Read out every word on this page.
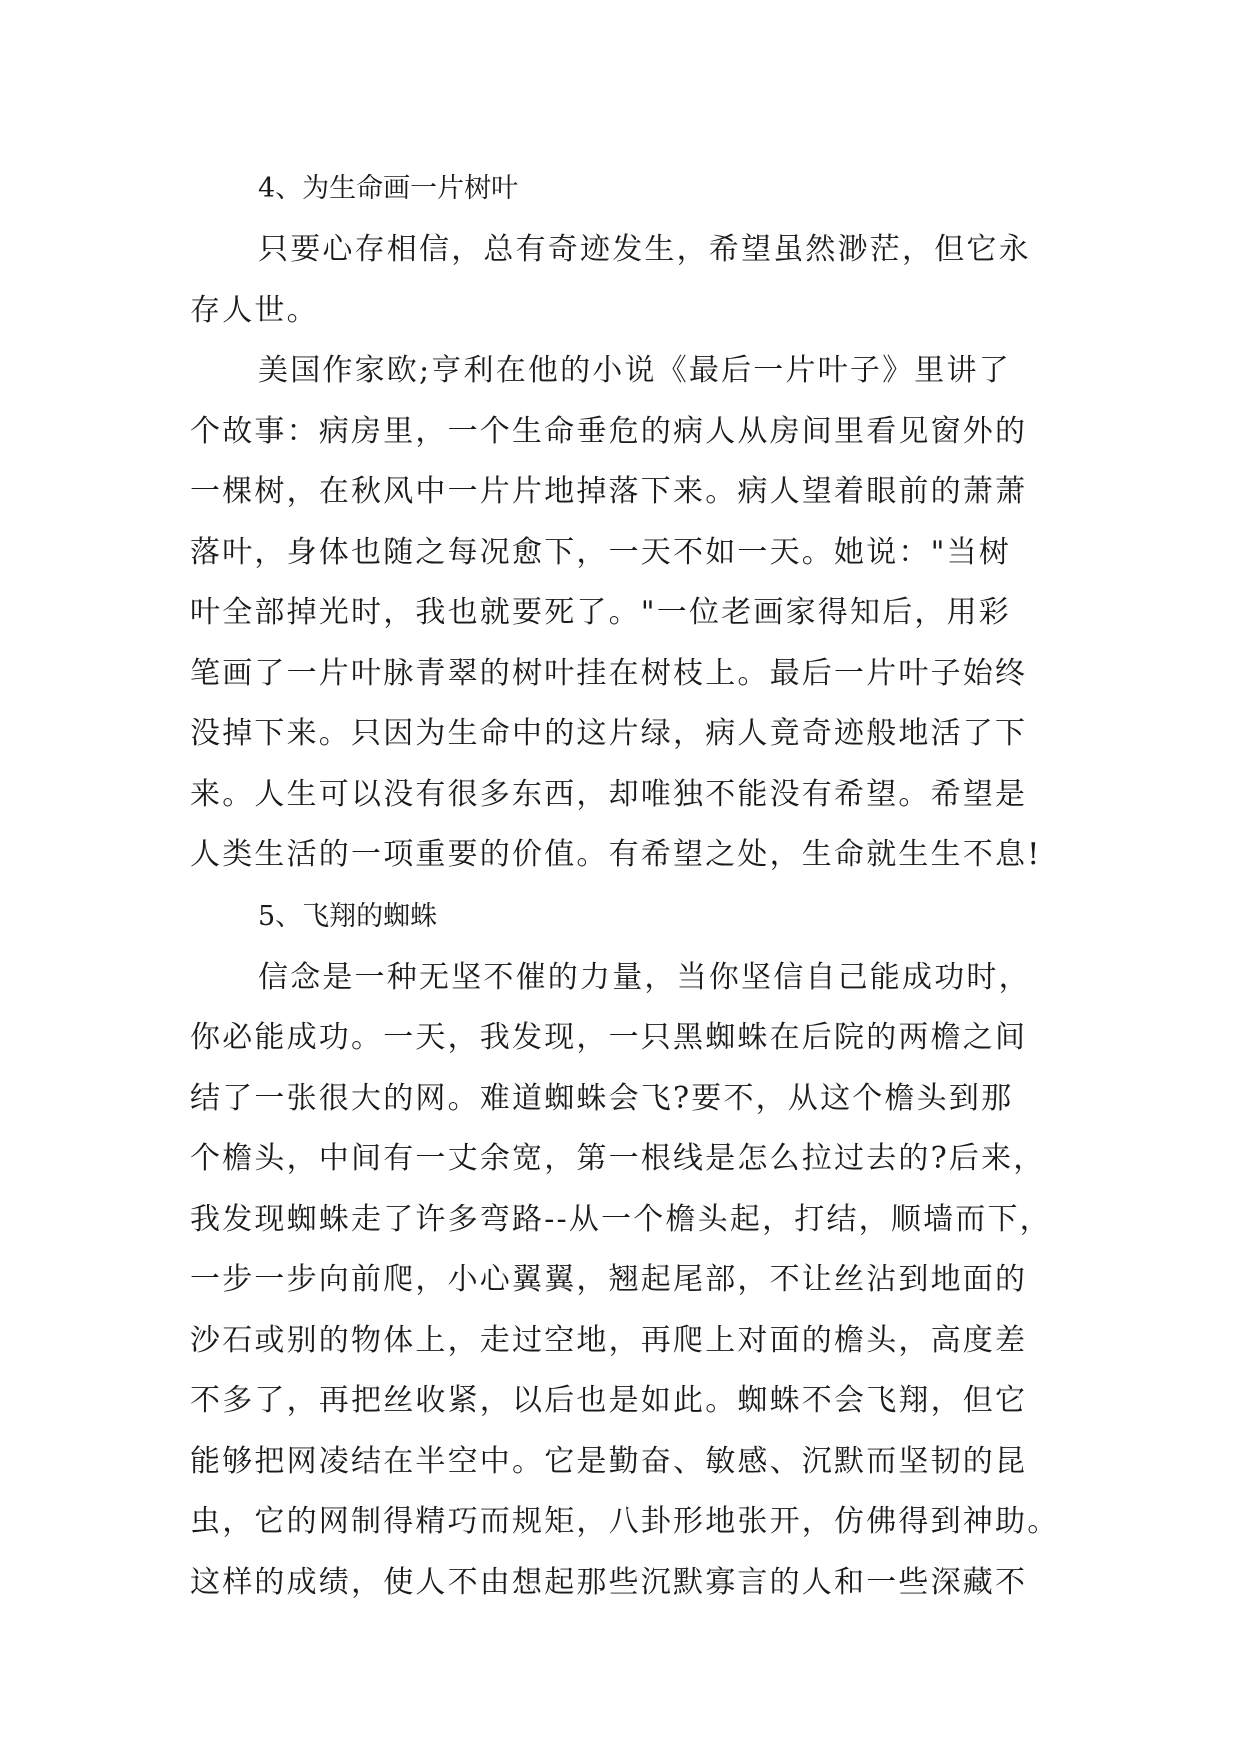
4、为生命画一片树叶
只要心存相信，总有奇迹发生，希望虽然渺茫，但它永
存人世。
美国作家欧;亨利在他的小说《最后一片叶子》里讲了
个故事：病房里，一个生命垂危的病人从房间里看见窗外的
一棵树，在秋风中一片片地掉落下来。病人望着眼前的萧萧
落叶，身体也随之每况愈下，一天不如一天。她说："当树
叶全部掉光时，我也就要死了。"一位老画家得知后，用彩
笔画了一片叶脉青翠的树叶挂在树枝上。最后一片叶子始终
没掉下来。只因为生命中的这片绿，病人竟奇迹般地活了下
来。人生可以没有很多东西，却唯独不能没有希望。希望是
人类生活的一项重要的价值。有希望之处，生命就生生不息!
5、飞翔的蜘蛛
信念是一种无坚不催的力量，当你坚信自己能成功时，
你必能成功。一天，我发现，一只黑蜘蛛在后院的两檐之间
结了一张很大的网。难道蜘蛛会飞?要不，从这个檐头到那
个檐头，中间有一丈余宽，第一根线是怎么拉过去的?后来，
我发现蜘蛛走了许多弯路--从一个檐头起，打结，顺墙而下，
一步一步向前爬，小心翼翼，翘起尾部，不让丝沾到地面的
沙石或别的物体上，走过空地，再爬上对面的檐头，高度差
不多了，再把丝收紧，以后也是如此。蜘蛛不会飞翔，但它
能够把网凌结在半空中。它是勤奋、敏感、沉默而坚韧的昆
虫，它的网制得精巧而规矩，八卦形地张开，仿佛得到神助。
这样的成绩，使人不由想起那些沉默寡言的人和一些深藏不
